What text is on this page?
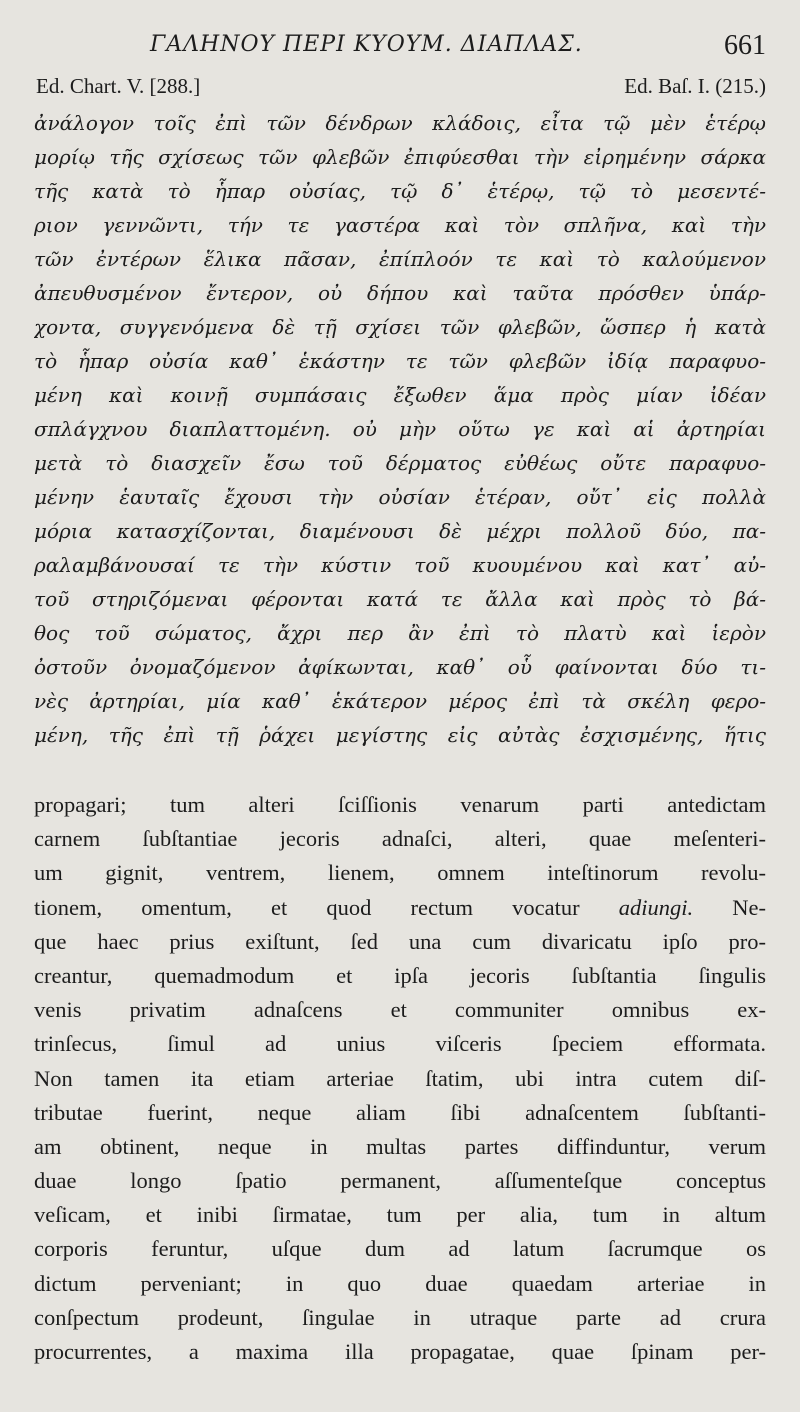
ΓΑΛΗΝΟΥ ΠΕΡΙ ΚΥΟΥΜ. ΔΙΑΠΛΑΣ.	661
Ed. Chart. V. [288.]	Ed. Baſ. I. (215.)
ἀνάλογον τοῖς ἐπὶ τῶν δένδρων κλάδοις, εἶτα τῷ μὲν ἑτέρῳ
μορίῳ τῆς σχίσεως τῶν φλεβῶν ἐπιφύεσθαι τὴν εἰρημένην σάρκα
τῆς κατὰ τὸ ἧπαρ οὐσίας, τῷ δ᾽ ἑτέρῳ, τῷ τὸ μεσεντέ-
ριον γεννῶντι, τήν τε γαστέρα καὶ τὸν σπλῆνα, καὶ τὴν
τῶν ἐντέρων ἕλικα πᾶσαν, ἐπίπλοόν τε καὶ τὸ καλούμενον
ἀπευθυσμένον ἔντερον, οὐ δήπου καὶ ταῦτα πρόσθεν ὑπάρ-
χοντα, συγγενόμενα δὲ τῇ σχίσει τῶν φλεβῶν, ὥσπερ ἡ κατὰ
τὸ ἧπαρ οὐσία καθ᾽ ἑκάστην τε τῶν φλεβῶν ἰδίᾳ παραφυο-
μένη καὶ κοινῇ συμπάσαις ἔξωθεν ἅμα πρὸς μίαν ἰδέαν
σπλάγχνου διαπλαττομένη. οὐ μὴν οὕτω γε καὶ αἱ ἀρτηρίαι
μετὰ τὸ διασχεῖν ἔσω τοῦ δέρματος εὐθέως οὔτε παραφυο-
μένην ἑαυταῖς ἔχουσι τὴν οὐσίαν ἑτέραν, οὔτ᾽ εἰς πολλὰ
μόρια κατασχίζονται, διαμένουσι δὲ μέχρι πολλοῦ δύο, πα-
ραλαμβάνουσαί τε τὴν κύστιν τοῦ κυουμένου καὶ κατ᾽ αὐ-
τοῦ στηριζόμεναι φέρονται κατά τε ἄλλα καὶ πρὸς τὸ βά-
θος τοῦ σώματος, ἄχρι περ ἂν ἐπὶ τὸ πλατὺ καὶ ἱερὸν
ὀστοῦν ὀνομαζόμενον ἀφίκωνται, καθ᾽ οὗ φαίνονται δύο τι-
νὲς ἀρτηρίαι, μία καθ᾽ ἑκάτερον μέρος ἐπὶ τὰ σκέλη φερο-
μένη, τῆς ἐπὶ τῇ ῥάχει μεγίστης εἰς αὐτὰς ἐσχισμένης, ἥτις
propagari; tum alteri ſciſſionis venarum parti antedictam
carnem ſubſtantiae jecoris adnaſci, alteri, quae meſenteri-
um gignit, ventrem, lienem, omnem inteſtinorum revolu-
tionem, omentum, et quod rectum vocatur adiungi. Ne-
que haec prius exiſtunt, ſed una cum divaricatu ipſo pro-
creantur, quemadmodum et ipſa jecoris ſubſtantia ſingulis
venis privatim adnaſcens et communiter omnibus ex-
trinſecus, ſimul ad unius viſceris ſpeciem efformata.
Non tamen ita etiam arteriae ſtatim, ubi intra cutem diſ-
tributae fuerint, neque aliam ſibi adnaſcentem ſubſtanti-
am obtinent, neque in multas partes diffinduntur, verum
duae longo ſpatio permanent, aſſumenteſque conceptus
veſicam, et inibi ſirmatae, tum per alia, tum in altum
corporis feruntur, uſque dum ad latum ſacrumque os
dictum perveniant; in quo duae quaedam arteriae in
conſpectum prodeunt, ſingulae in utraque parte ad crura
procurrentes, a maxima illa propagatae, quae ſpinam per-
